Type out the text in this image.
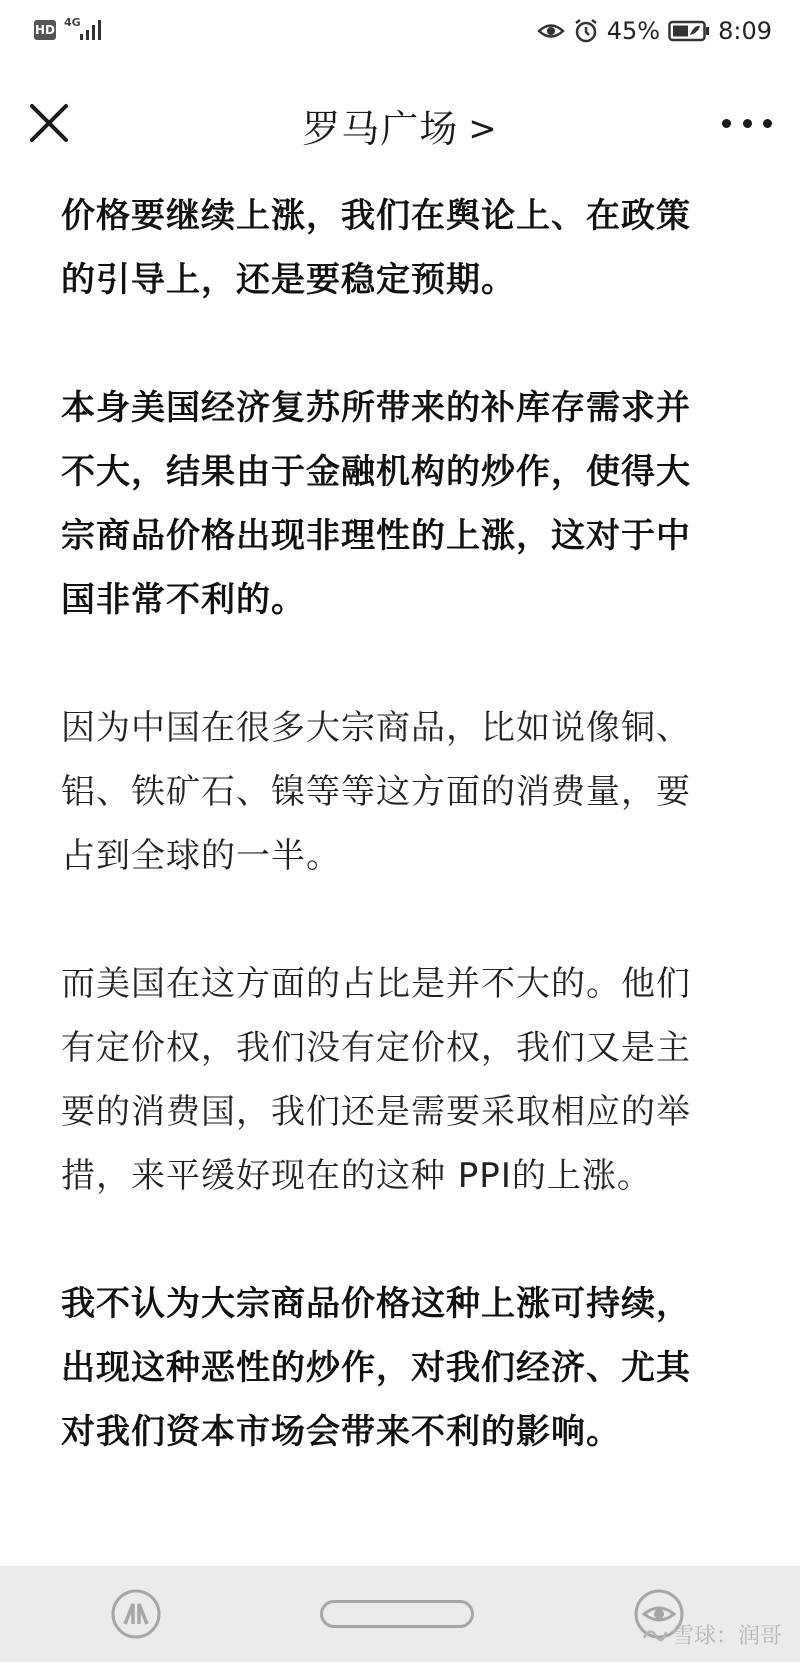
HD
4G	45% 8:09
罗马广场 >

价格要继续上涨，我们在舆论上、在政策
的引导上，还是要稳定预期。
本身美国经济复苏所带来的补库存需求并
不大，结果由于金融机构的炒作，使得大
宗商品价格出现非理性的上涨，这对于中
国非常不利的。
因为中国在很多大宗商品，比如说像铜、
铝、铁矿石、镍等等这方面的消费量，要
占到全球的一半。
而美国在这方面的占比是并不大的。他们
有定价权，我们没有定价权，我们又是主
要的消费国，我们还是需要采取相应的举
措，来平缓好现在的这种 PPI的上涨。
我不认为大宗商品价格这种上涨可持续，
出现这种恶性的炒作，对我们经济、尤其
对我们资本市场会带来不利的影响。
雪球：润哥
